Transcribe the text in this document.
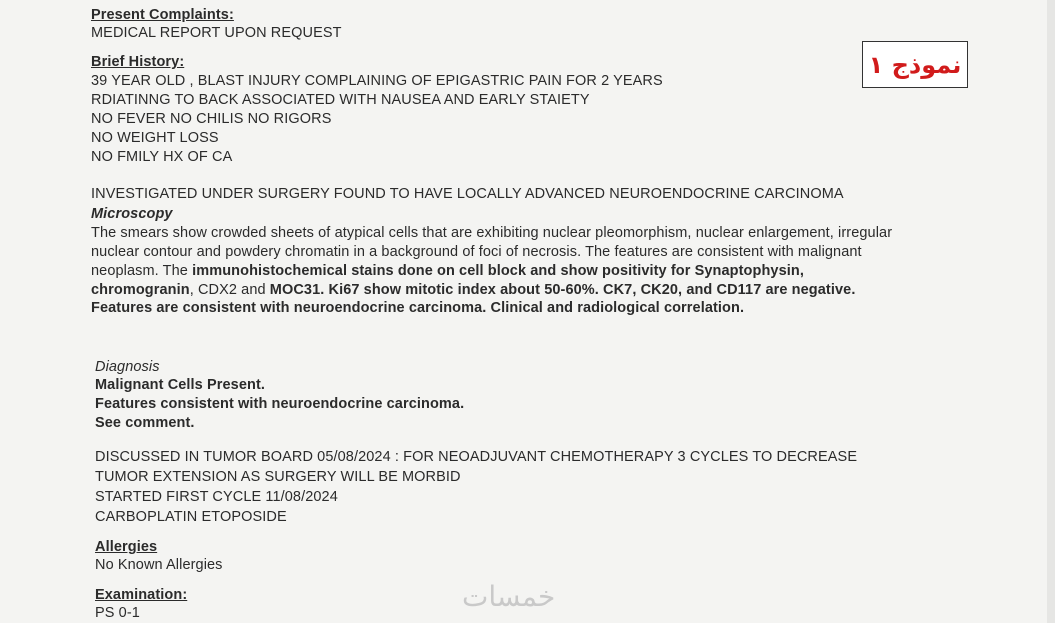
Present Complaints:
MEDICAL REPORT UPON REQUEST
Brief History:
39 YEAR OLD , BLAST INJURY COMPLAINING OF EPIGASTRIC PAIN FOR 2 YEARS
RDIATINNG TO BACK ASSOCIATED WITH NAUSEA AND EARLY STAIETY
NO FEVER NO CHILIS NO RIGORS
NO WEIGHT LOSS
NO FMILY HX OF CA
INVESTIGATED UNDER SURGERY FOUND TO HAVE LOCALLY ADVANCED NEUROENDOCRINE CARCINOMA
Microscopy
The smears show crowded sheets of atypical cells that are exhibiting nuclear pleomorphism, nuclear enlargement, irregular
nuclear contour and powdery chromatin in a background of foci of necrosis. The features are consistent with malignant
neoplasm. The immunohistochemical stains done on cell block and show positivity for Synaptophysin,
chromogranin, CDX2 and MOC31. Ki67 show mitotic index about 50-60%. CK7, CK20, and CD117 are negative.
Features are consistent with neuroendocrine carcinoma. Clinical and radiological correlation.
Diagnosis
Malignant Cells Present.
Features consistent with neuroendocrine carcinoma.
See comment.
DISCUSSED IN TUMOR BOARD 05/08/2024 : FOR NEOADJUVANT CHEMOTHERAPY 3 CYCLES TO DECREASE
TUMOR EXTENSION AS SURGERY WILL BE MORBID
STARTED FIRST CYCLE 11/08/2024
CARBOPLATIN ETOPOSIDE
Allergies
No Known Allergies
Examination:
PS 0-1
نموذج ١
خمسات
